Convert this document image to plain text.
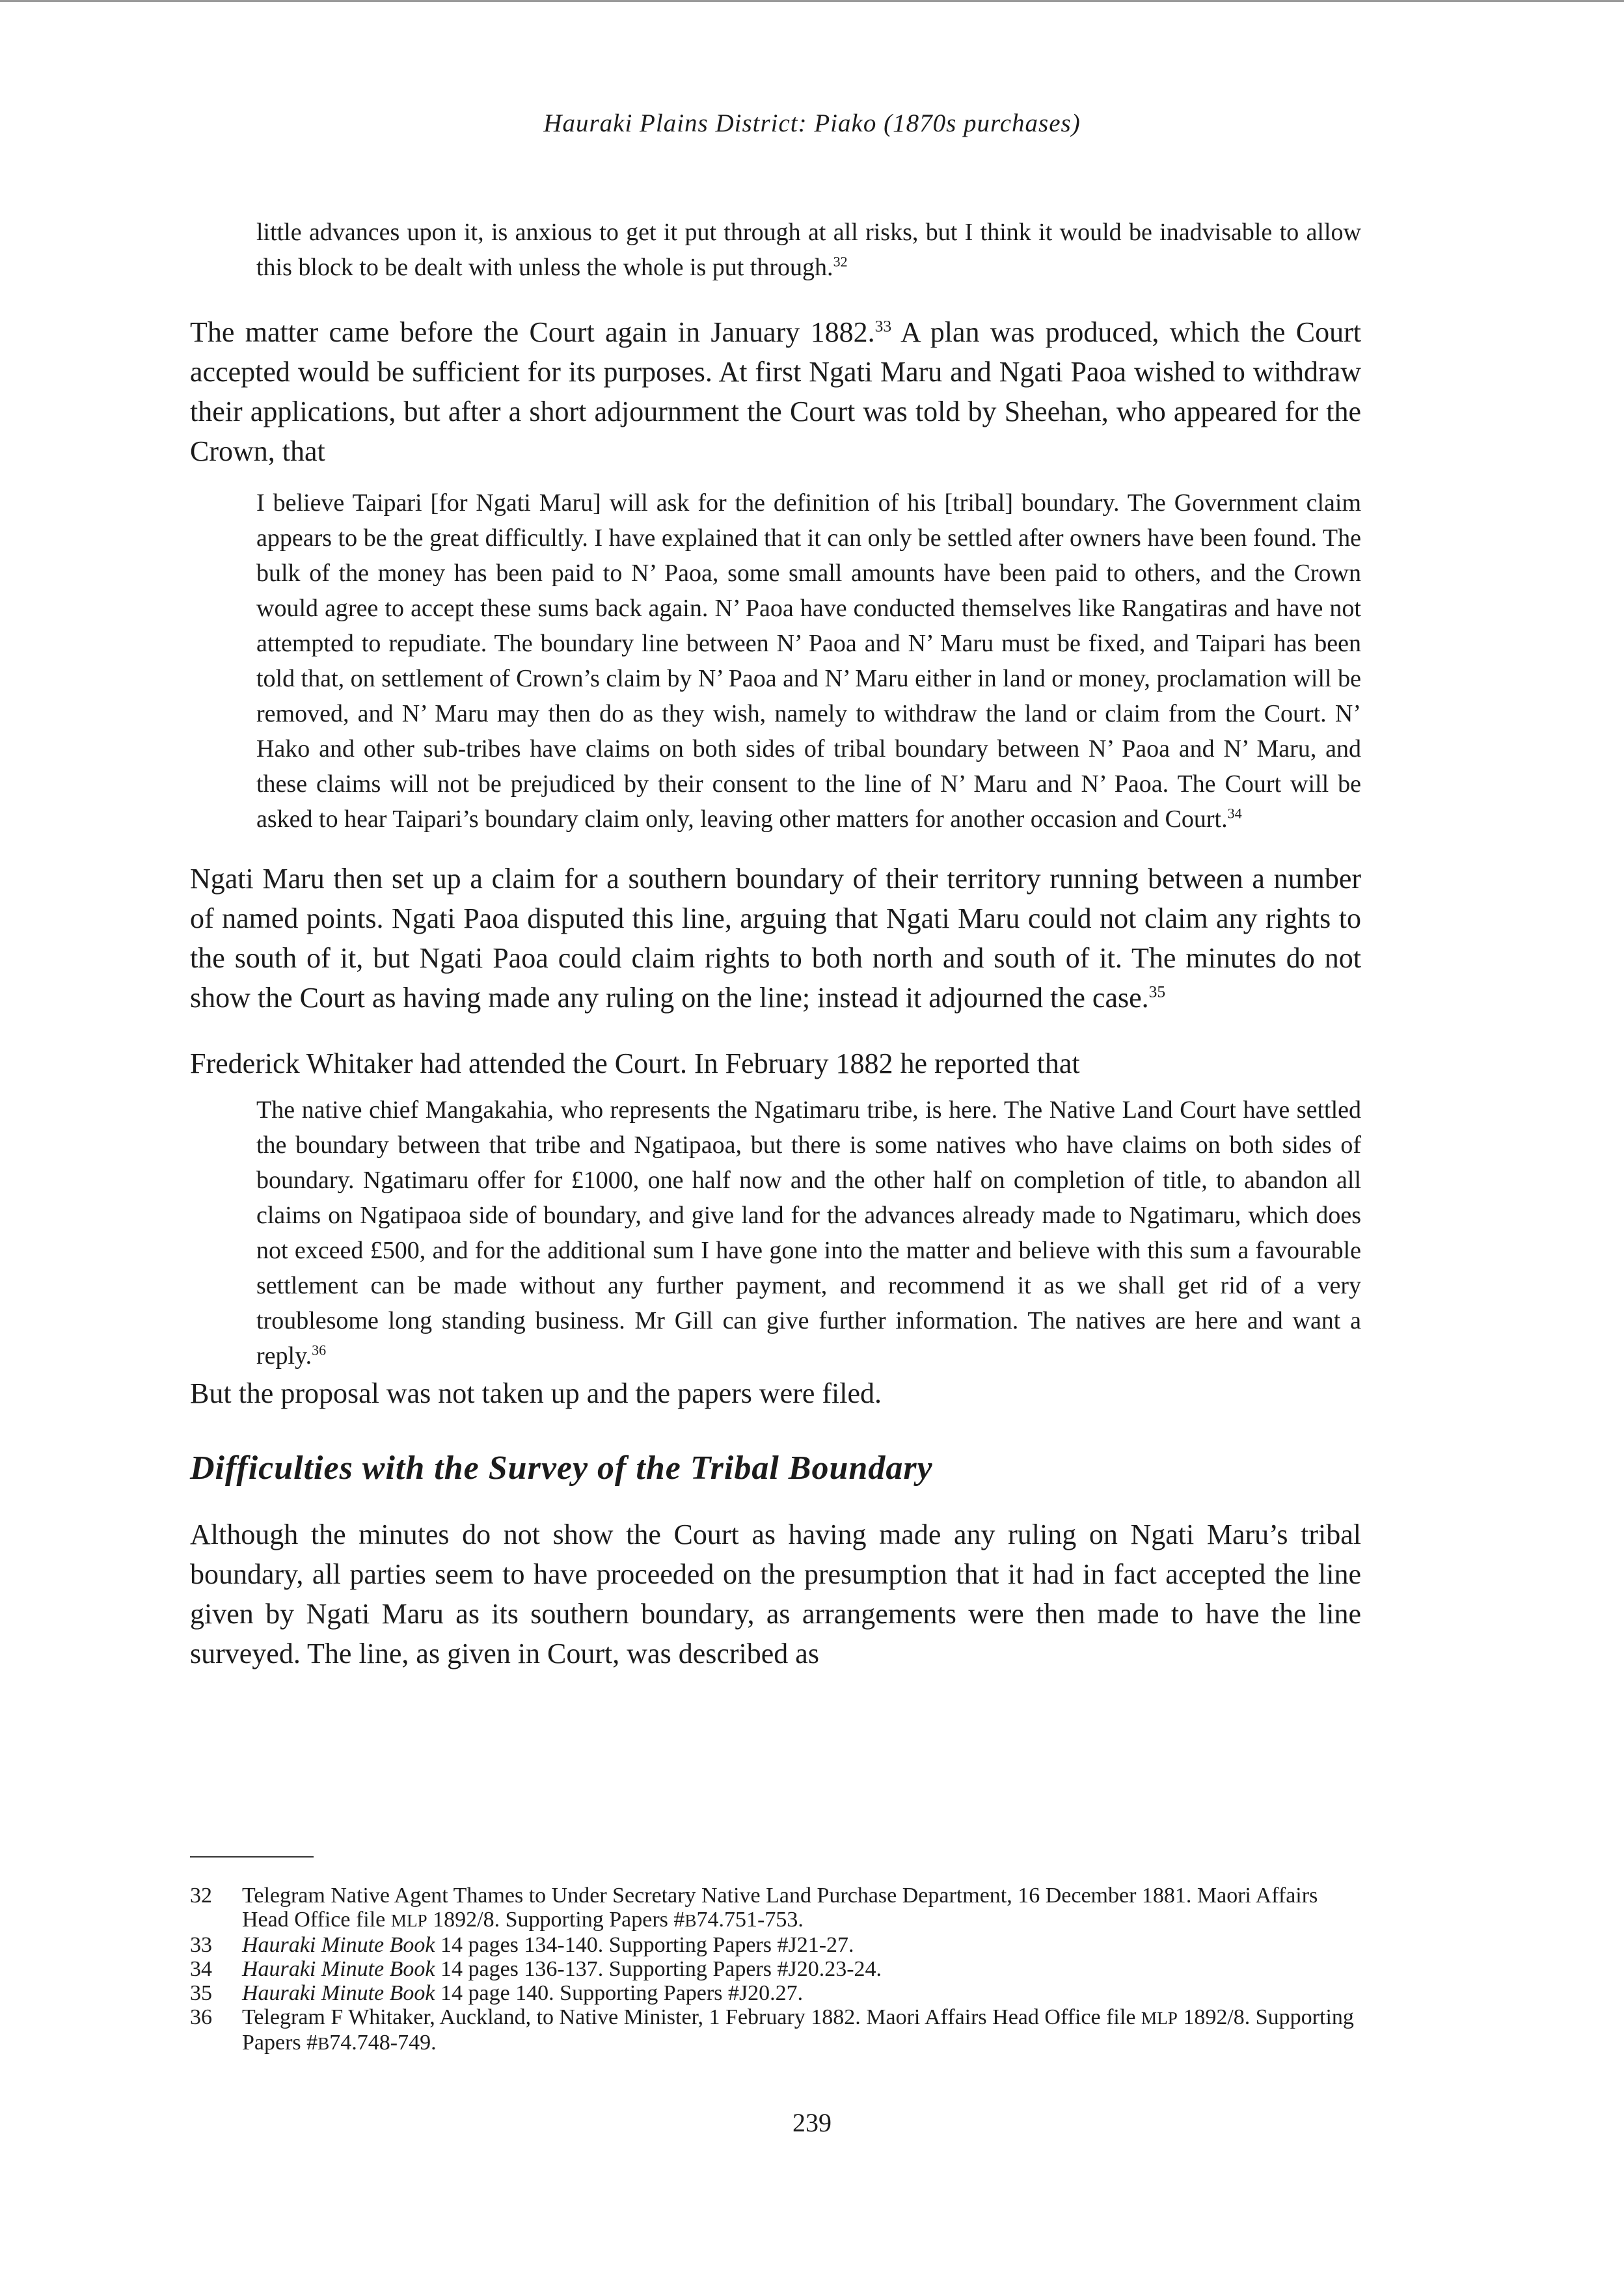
Hauraki Plains District: Piako (1870s purchases)

little advances upon it, is anxious to get it put through at all risks, but I think it would be inadvisable to allow this block to be dealt with unless the whole is put through.$^{32}$

The matter came before the Court again in January 1882.33 A plan was produced, which the Court accepted would be sufficient for its purposes. At first Ngati Maru and Ngati Paoa wished to withdraw their applications, but after a short adjournment the Court was told by Sheehan, who appeared for the Crown, that

I believe Taipari [for Ngati Maru] will ask for the definition of his [tribal] boundary. The Government claim appears to be the great difficultly. I have explained that it can only be settled after owners have been found. The bulk of the money has been paid to N’ Paoa, some small amounts have been paid to others, and the Crown would agree to accept these sums back again. N’ Paoa have conducted themselves like Rangatiras and have not attempted to repudiate. The boundary line between N’ Paoa and N’ Maru must be fixed, and Taipari has been told that, on settlement of Crown’s claim by N’ Paoa and N’ Maru either in land or money, proclamation will be removed, and N’ Maru may then do as they wish, namely to withdraw the land or claim from the Court. N’ Hako and other sub-tribes have claims on both sides of tribal boundary between N’ Paoa and N’ Maru, and these claims will not be prejudiced by their consent to the line of N’ Maru and N’ Paoa. The Court will be asked to hear Taipari’s boundary claim only, leaving other matters for another occasion and Court.$^{34}$

Ngati Maru then set up a claim for a southern boundary of their territory running between a number of named points. Ngati Paoa disputed this line, arguing that Ngati Maru could not claim any rights to the south of it, but Ngati Paoa could claim rights to both north and south of it. The minutes do not show the Court as having made any ruling on the line; instead it adjourned the case.$^{35}$

Frederick Whitaker had attended the Court. In February 1882 he reported that

The native chief Mangakahia, who represents the Ngatimaru tribe, is here. The Native Land Court have settled the boundary between that tribe and Ngatipaoa, but there is some natives who have claims on both sides of boundary. Ngatimaru offer for £1000, one half now and the other half on completion of title, to abandon all claims on Ngatipaoa side of boundary, and give land for the advances already made to Ngatimaru, which does not exceed £500, and for the additional sum I have gone into the matter and believe with this sum a favourable settlement can be made without any further payment, and recommend it as we shall get rid of a very troublesome long standing business. Mr Gill can give further information. The natives are here and want a reply.$^{36}$

But the proposal was not taken up and the papers were filed.

Difficulties with the Survey of the Tribal Boundary

Although the minutes do not show the Court as having made any ruling on Ngati Maru’s tribal boundary, all parties seem to have proceeded on the presumption that it had in fact accepted the line given by Ngati Maru as its southern boundary, as arrangements were then made to have the line surveyed. The line, as given in Court, was described as

32	Telegram Native Agent Thames to Under Secretary Native Land Purchase Department, 16 December 1881. Maori Affairs Head Office file MLP 1892/8. Supporting Papers #B74.751-753.
33	Hauraki Minute Book 14 pages 134-140. Supporting Papers #J21-27.
34	Hauraki Minute Book 14 pages 136-137. Supporting Papers #J20.23-24.
35	Hauraki Minute Book 14 page 140. Supporting Papers #J20.27.
36	Telegram F Whitaker, Auckland, to Native Minister, 1 February 1882. Maori Affairs Head Office file MLP 1892/8. Supporting Papers #B74.748-749.
239
